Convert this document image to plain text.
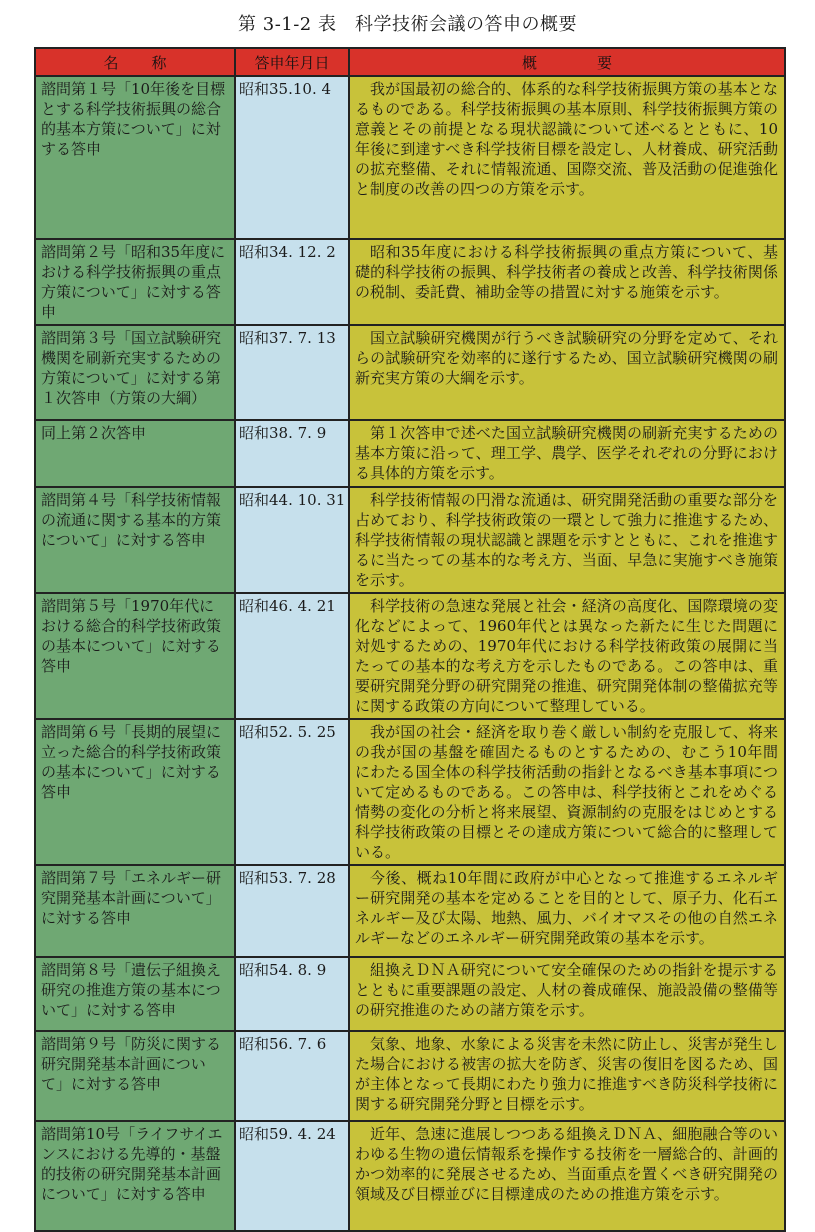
第 3-1-2 表　科学技術会議の答申の概要
名称	答申年月日	概　　　　要
諮問第１号「10年後を目標とする科学技術振興の総合的基本方策について」に対する答申	昭和35.10. 4	我が国最初の総合的、体系的な科学技術振興方策の基本となるものである。科学技術振興の基本原則、科学技術振興方策の意義とその前提となる現状認識について述べるとともに、10年後に到達すべき科学技術目標を設定し、人材養成、研究活動の拡充整備、それに情報流通、国際交流、普及活動の促進強化と制度の改善の四つの方策を示す。
諮問第２号「昭和35年度における科学技術振興の重点方策について」に対する答申	昭和34. 12. 2	昭和35年度における科学技術振興の重点方策について、基礎的科学技術の振興、科学技術者の養成と改善、科学技術関係の税制、委託費、補助金等の措置に対する施策を示す。
諮問第３号「国立試験研究機関を刷新充実するための方策について」に対する第１次答申（方策の大綱）	昭和37. 7. 13	国立試験研究機関が行うべき試験研究の分野を定めて、それらの試験研究を効率的に遂行するため、国立試験研究機関の刷新充実方策の大綱を示す。
同上第２次答申	昭和38. 7. 9	第１次答申で述べた国立試験研究機関の刷新充実するための基本方策に沿って、理工学、農学、医学それぞれの分野における具体的方策を示す。
諮問第４号「科学技術情報の流通に関する基本的方策について」に対する答申	昭和44. 10. 31	科学技術情報の円滑な流通は、研究開発活動の重要な部分を占めており、科学技術政策の一環として強力に推進するため、科学技術情報の現状認識と課題を示すとともに、これを推進するに当たっての基本的な考え方、当面、早急に実施すべき施策を示す。
諮問第５号「1970年代における総合的科学技術政策の基本について」に対する答申	昭和46. 4. 21	科学技術の急速な発展と社会・経済の高度化、国際環境の変化などによって、1960年代とは異なった新たに生じた問題に対処するための、1970年代における科学技術政策の展開に当たっての基本的な考え方を示したものである。この答申は、重要研究開発分野の研究開発の推進、研究開発体制の整備拡充等に関する政策の方向について整理している。
諮問第６号「長期的展望に立った総合的科学技術政策の基本について」に対する答申	昭和52. 5. 25	我が国の社会・経済を取り巻く厳しい制約を克服して、将来の我が国の基盤を確固たるものとするための、むこう10年間にわたる国全体の科学技術活動の指針となるべき基本事項について定めるものである。この答申は、科学技術とこれをめぐる情勢の変化の分析と将来展望、資源制約の克服をはじめとする科学技術政策の目標とその達成方策について総合的に整理している。
諮問第７号「エネルギー研究開発基本計画について」に対する答申	昭和53. 7. 28	今後、概ね10年間に政府が中心となって推進するエネルギー研究開発の基本を定めることを目的として、原子力、化石エネルギー及び太陽、地熱、風力、バイオマスその他の自然エネルギーなどのエネルギー研究開発政策の基本を示す。
諮問第８号「遺伝子組換え研究の推進方策の基本について」に対する答申	昭和54. 8. 9	組換えＤＮＡ研究について安全確保のための指針を提示するとともに重要課題の設定、人材の養成確保、施設設備の整備等の研究推進のための諸方策を示す。
諮問第９号「防災に関する研究開発基本計画について」に対する答申	昭和56. 7. 6	気象、地象、水象による災害を未然に防止し、災害が発生した場合における被害の拡大を防ぎ、災害の復旧を図るため、国が主体となって長期にわたり強力に推進すべき防災科学技術に関する研究開発分野と目標を示す。
諮問第10号「ライフサイエンスにおける先導的・基盤的技術の研究開発基本計画について」に対する答申	昭和59. 4. 24	近年、急速に進展しつつある組換えＤＮＡ、細胞融合等のいわゆる生物の遺伝情報系を操作する技術を一層総合的、計画的かつ効率的に発展させるため、当面重点を置くべき研究開発の領域及び目標並びに目標達成のための推進方策を示す。
